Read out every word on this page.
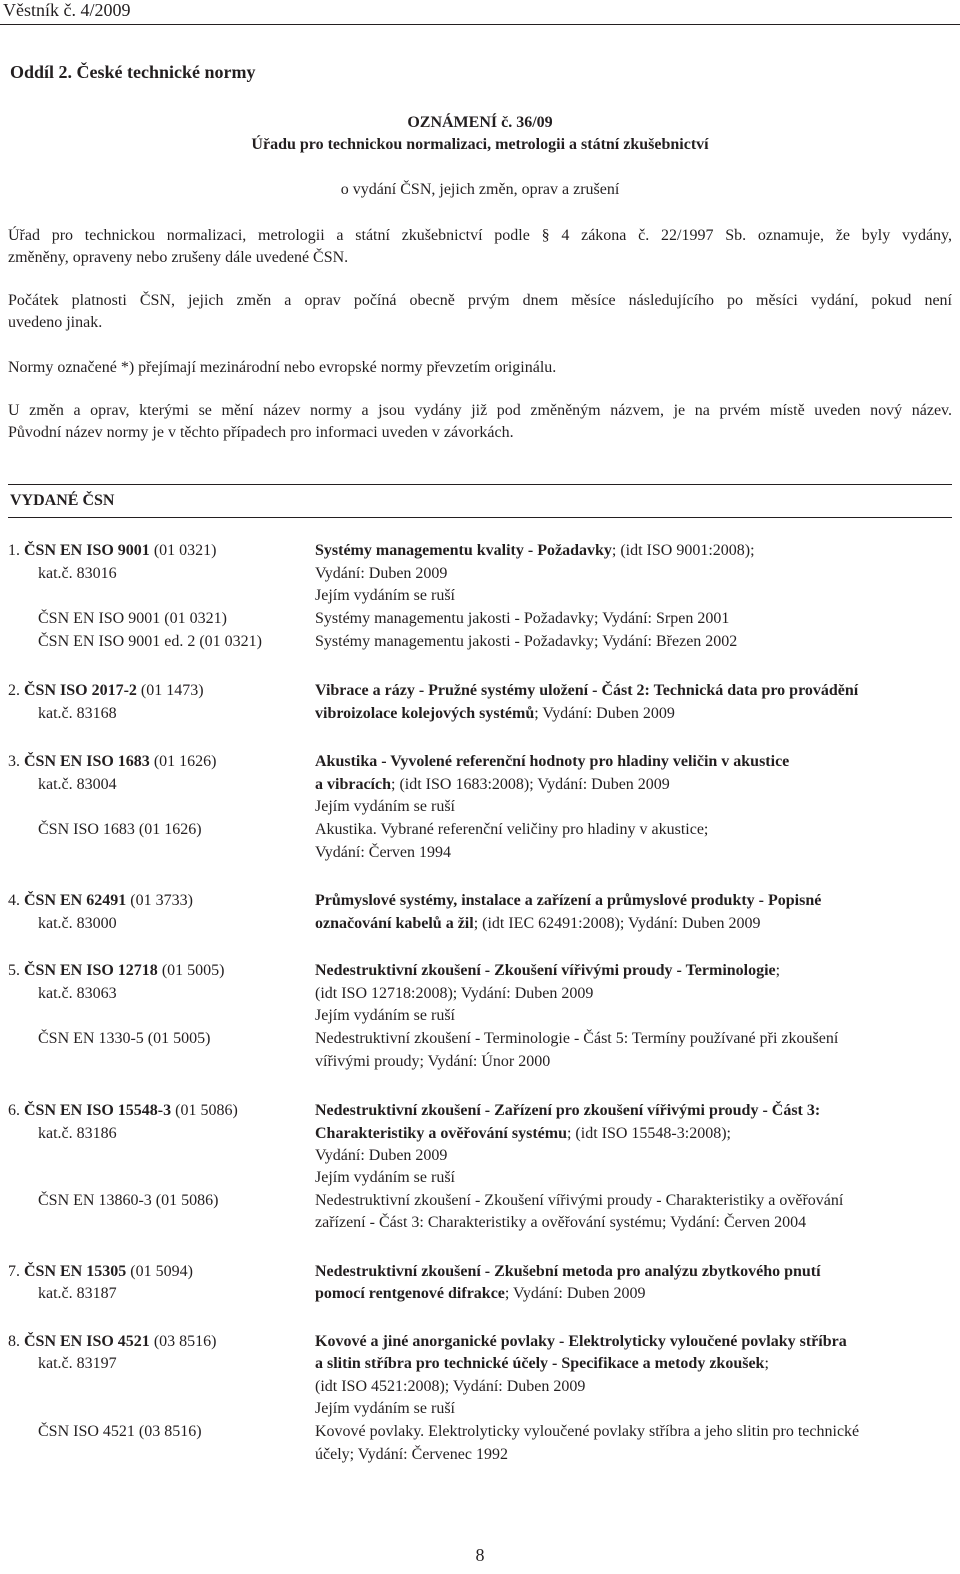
Věstník č. 4/2009
Oddíl 2. České technické normy
OZNÁMENÍ č. 36/09
Úřadu pro technickou normalizaci, metrologii a státní zkušebnictví
o vydání ČSN, jejich změn, oprav a zrušení
Úřad pro technickou normalizaci, metrologii a státní zkušebnictví podle § 4 zákona č. 22/1997 Sb. oznamuje, že byly vydány,
změněny, opraveny nebo zrušeny dále uvedené ČSN.
Počátek platnosti ČSN, jejich změn a oprav počíná obecně prvým dnem měsíce následujícího po měsíci vydání, pokud není
uvedeno jinak.
Normy označené *) přejímají mezinárodní nebo evropské normy převzetím originálu.
U změn a oprav, kterými se mění název normy a jsou vydány již pod změněným názvem, je na prvém místě uveden nový název.
Původní název normy je v těchto případech pro informaci uveden v závorkách.
VYDANÉ ČSN
1. ČSN EN ISO 9001 (01 0321)	Systémy managementu kvality - Požadavky; (idt ISO 9001:2008);
kat.č. 83016	Vydání: Duben 2009
Jejím vydáním se ruší
ČSN EN ISO 9001 (01 0321)	Systémy managementu jakosti - Požadavky; Vydání: Srpen 2001
ČSN EN ISO 9001 ed. 2 (01 0321)	Systémy managementu jakosti - Požadavky; Vydání: Březen 2002
2. ČSN ISO 2017-2 (01 1473)	Vibrace a rázy - Pružné systémy uložení - Část 2: Technická data pro provádění
kat.č. 83168	vibroizolace kolejových systémů; Vydání: Duben 2009
3. ČSN EN ISO 1683 (01 1626)	Akustika - Vyvolené referenční hodnoty pro hladiny veličin v akustice
kat.č. 83004	a vibracích; (idt ISO 1683:2008); Vydání: Duben 2009
Jejím vydáním se ruší
ČSN ISO 1683 (01 1626)	Akustika. Vybrané referenční veličiny pro hladiny v akustice;
Vydání: Červen 1994
4. ČSN EN 62491 (01 3733)	Průmyslové systémy, instalace a zařízení a průmyslové produkty - Popisné
kat.č. 83000	označování kabelů a žil; (idt IEC 62491:2008); Vydání: Duben 2009
5. ČSN EN ISO 12718 (01 5005)	Nedestruktivní zkoušení - Zkoušení vířivými proudy - Terminologie;
kat.č. 83063	(idt ISO 12718:2008); Vydání: Duben 2009
Jejím vydáním se ruší
ČSN EN 1330-5 (01 5005)	Nedestruktivní zkoušení - Terminologie - Část 5: Termíny používané při zkoušení
vířivými proudy; Vydání: Únor 2000
6. ČSN EN ISO 15548-3 (01 5086)	Nedestruktivní zkoušení - Zařízení pro zkoušení vířivými proudy - Část 3:
kat.č. 83186	Charakteristiky a ověřování systému; (idt ISO 15548-3:2008);
Vydání: Duben 2009
Jejím vydáním se ruší
ČSN EN 13860-3 (01 5086)	Nedestruktivní zkoušení - Zkoušení vířivými proudy - Charakteristiky a ověřování
zařízení - Část 3: Charakteristiky a ověřování systému; Vydání: Červen 2004
7. ČSN EN 15305 (01 5094)	Nedestruktivní zkoušení - Zkušební metoda pro analýzu zbytkového pnutí
kat.č. 83187	pomocí rentgenové difrakce; Vydání: Duben 2009
8. ČSN EN ISO 4521 (03 8516)	Kovové a jiné anorganické povlaky - Elektrolyticky vyloučené povlaky stříbra
kat.č. 83197	a slitin stříbra pro technické účely - Specifikace a metody zkoušek;
(idt ISO 4521:2008); Vydání: Duben 2009
Jejím vydáním se ruší
ČSN ISO 4521 (03 8516)	Kovové povlaky. Elektrolyticky vyloučené povlaky stříbra a jeho slitin pro technické
účely; Vydání: Červenec 1992
8
